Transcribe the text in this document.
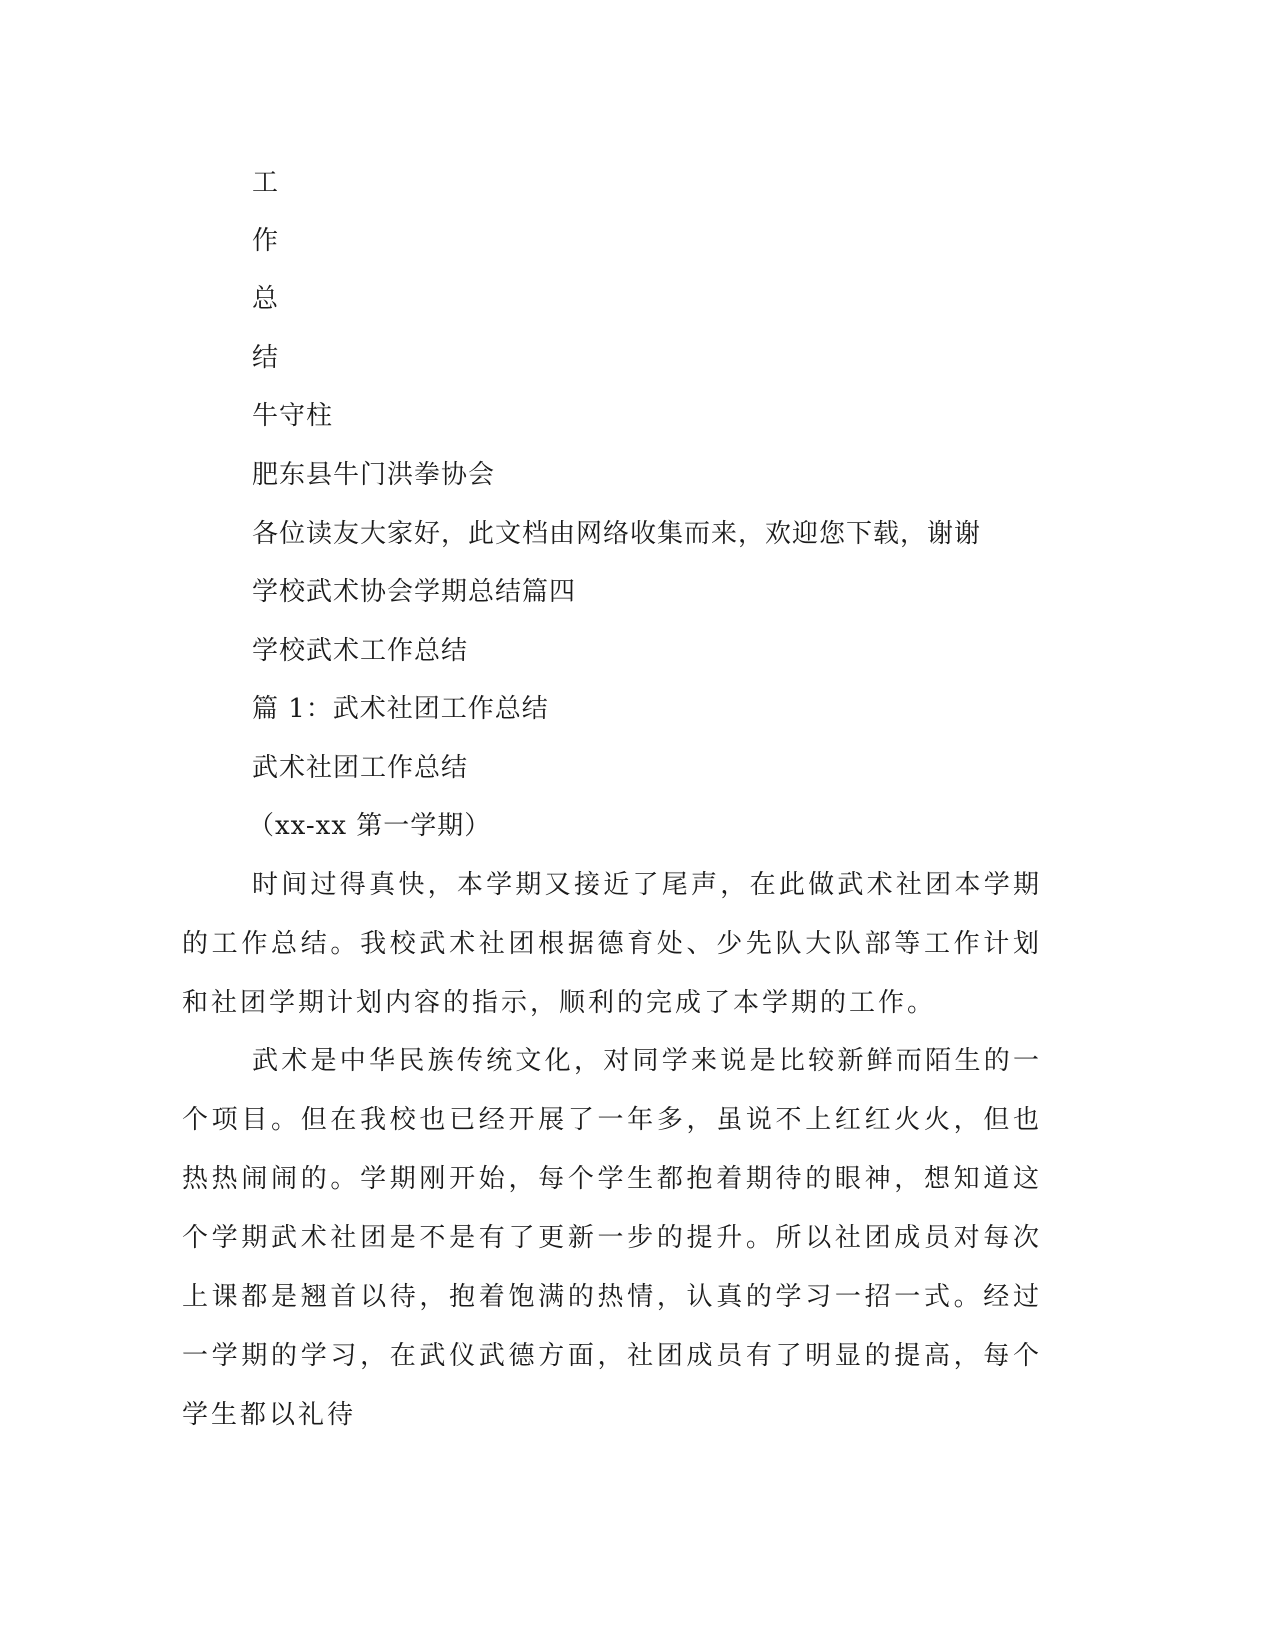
工
作
总
结
牛守柱
肥东县牛门洪拳协会
各位读友大家好，此文档由网络收集而来，欢迎您下载，谢谢
学校武术协会学期总结篇四
学校武术工作总结
篇 1：武术社团工作总结
武术社团工作总结
（xx-xx 第一学期）

时间过得真快，本学期又接近了尾声，在此做武术社团本学期的工作总结。我校武术社团根据德育处、少先队大队部等工作计划和社团学期计划内容的指示，顺利的完成了本学期的工作。

武术是中华民族传统文化，对同学来说是比较新鲜而陌生的一个项目。但在我校也已经开展了一年多，虽说不上红红火火，但也热热闹闹的。学期刚开始，每个学生都抱着期待的眼神，想知道这个学期武术社团是不是有了更新一步的提升。所以社团成员对每次上课都是翘首以待，抱着饱满的热情，认真的学习一招一式。经过一学期的学习，在武仪武德方面，社团成员有了明显的提高，每个学生都以礼待
